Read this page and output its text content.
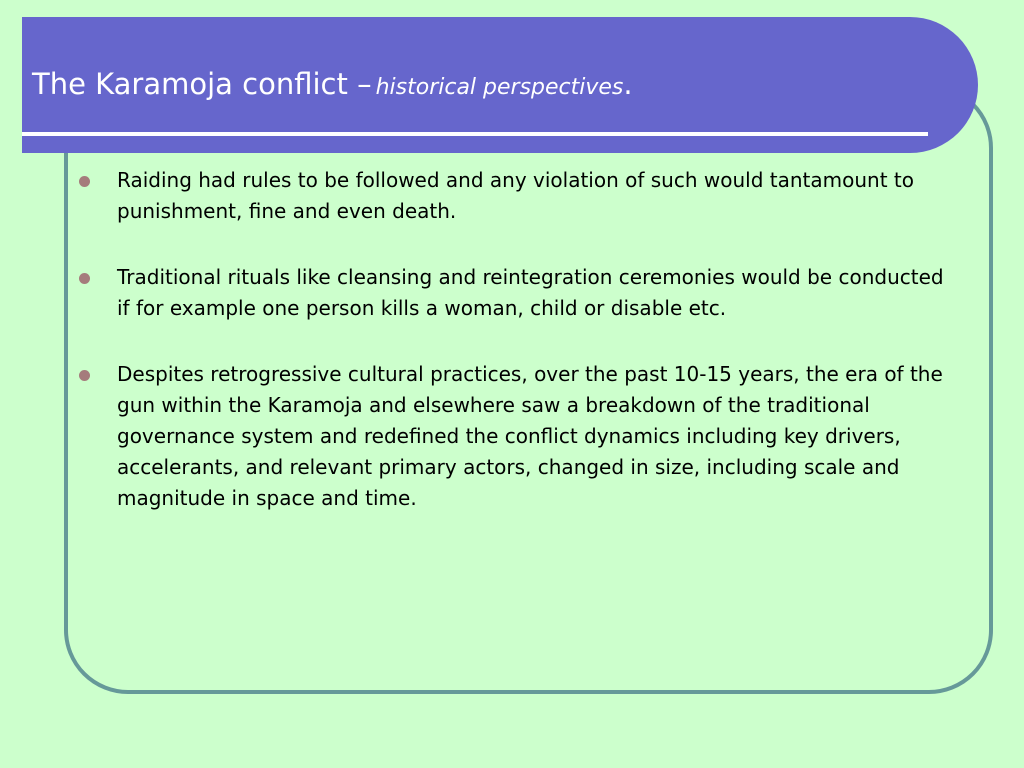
The Karamoja conflict – historical perspectives.
Raiding had rules to be followed and any violation of such would tantamount to punishment, fine and even death.
Traditional rituals like cleansing and reintegration ceremonies would be conducted if for example one person kills a woman, child or disable etc.
Despites retrogressive cultural practices, over the past 10-15 years, the era of the gun within the Karamoja and elsewhere saw a breakdown of the traditional governance system and redefined the conflict dynamics including key drivers, accelerants, and relevant primary actors, changed in size, including scale and magnitude in space and time.
